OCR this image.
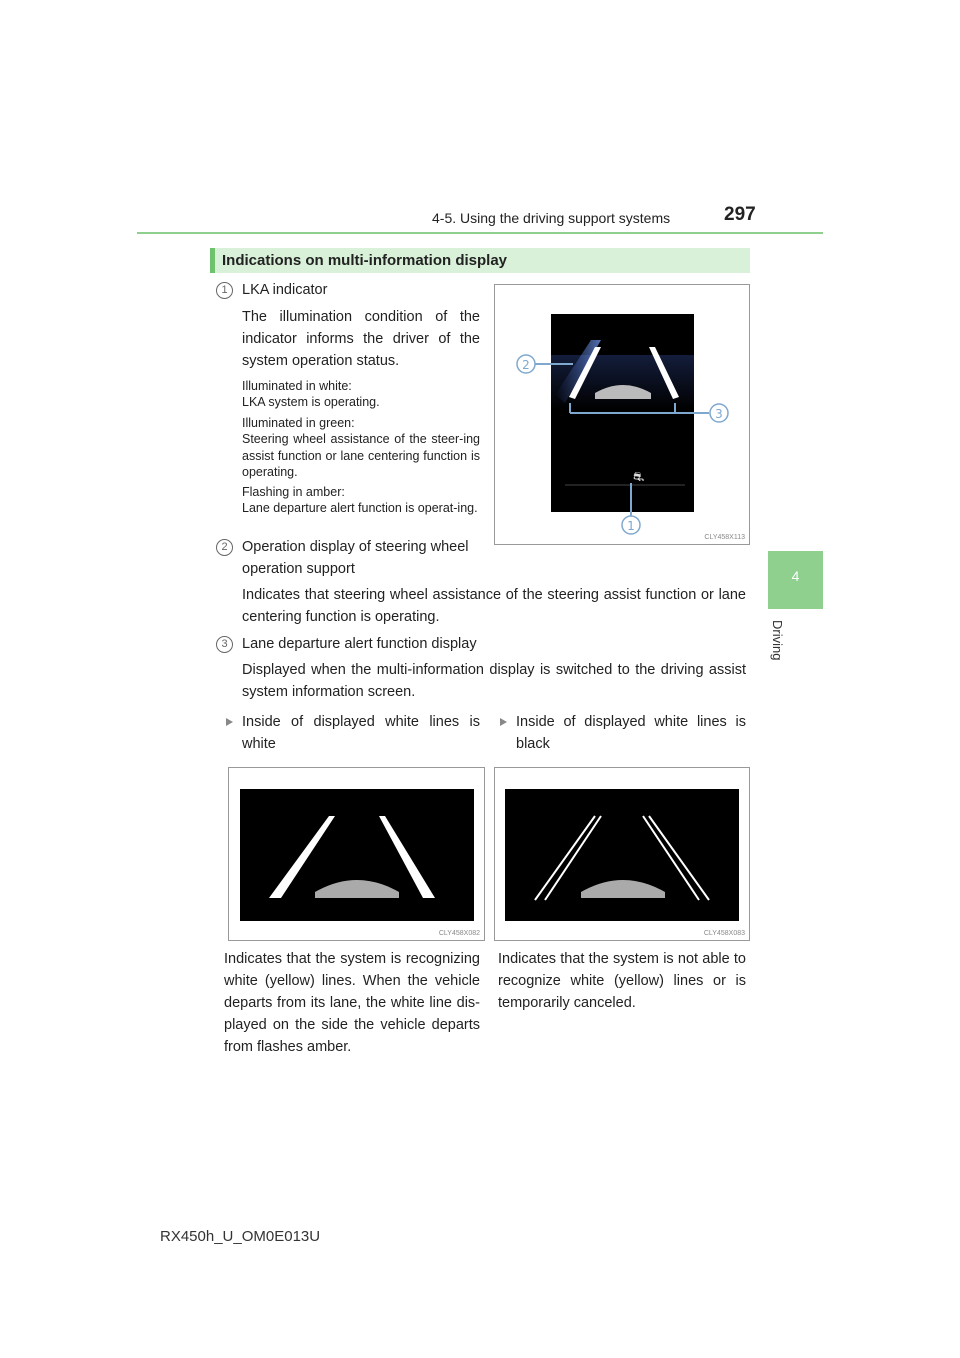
4-5. Using the driving support systems	297
4
Driving
Indications on multi-information display
1 LKA indicator
The illumination condition of the indicator informs the driver of the system operation status.
Illuminated in white:
LKA system is operating.
Illuminated in green:
Steering wheel assistance of the steer-ing assist function or lane centering function is operating.
Flashing in amber:
Lane departure alert function is operat-ing.
⛐
2
3
1
CLY458X113
2 Operation display of steering wheel operation support
Indicates that steering wheel assistance of the steering assist function or lane centering function is operating.
3 Lane departure alert function display
Displayed when the multi-information display is switched to the driving assist system information screen.
Inside of displayed white lines is white
Inside of displayed white lines is black
CLY458X082	CLY458X083
Indicates that the system is recognizing white (yellow) lines. When the vehicle departs from its lane, the white line dis-played on the side the vehicle departs from flashes amber.
Indicates that the system is not able to recognize white (yellow) lines or is temporarily canceled.
RX450h_U_OM0E013U
